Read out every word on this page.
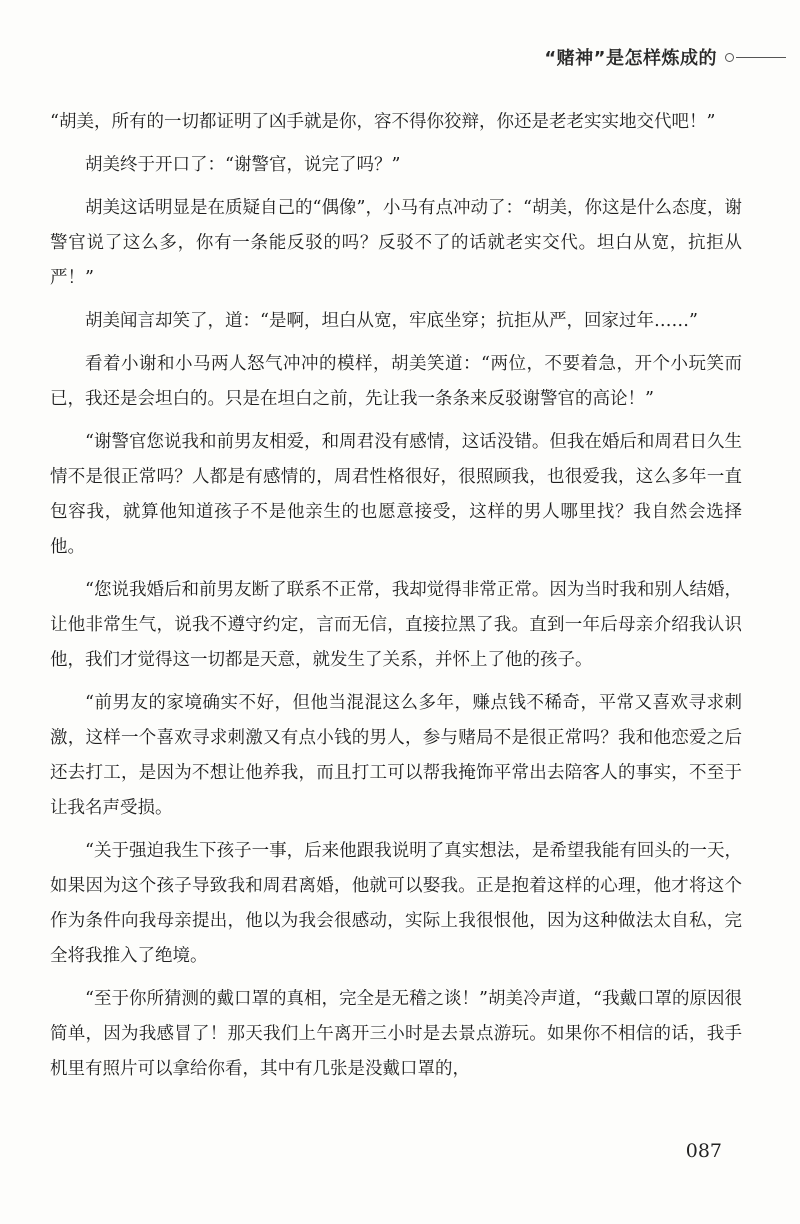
“赌神”是怎样炼成的

“胡美，所有的一切都证明了凶手就是你，容不得你狡辩，你还是老老实实地交代吧！”

胡美终于开口了：“谢警官，说完了吗？”

胡美这话明显是在质疑自己的“偶像”，小马有点冲动了：“胡美，你这是什么态度，谢警官说了这么多，你有一条能反驳的吗？反驳不了的话就老实交代。坦白从宽，抗拒从严！”

胡美闻言却笑了，道：“是啊，坦白从宽，牢底坐穿；抗拒从严，回家过年……”

看着小谢和小马两人怒气冲冲的模样，胡美笑道：“两位，不要着急，开个小玩笑而已，我还是会坦白的。只是在坦白之前，先让我一条条来反驳谢警官的高论！”

“谢警官您说我和前男友相爱，和周君没有感情，这话没错。但我在婚后和周君日久生情不是很正常吗？人都是有感情的，周君性格很好，很照顾我，也很爱我，这么多年一直包容我，就算他知道孩子不是他亲生的也愿意接受，这样的男人哪里找？我自然会选择他。

“您说我婚后和前男友断了联系不正常，我却觉得非常正常。因为当时我和别人结婚，让他非常生气，说我不遵守约定，言而无信，直接拉黑了我。直到一年后母亲介绍我认识他，我们才觉得这一切都是天意，就发生了关系，并怀上了他的孩子。

“前男友的家境确实不好，但他当混混这么多年，赚点钱不稀奇，平常又喜欢寻求刺激，这样一个喜欢寻求刺激又有点小钱的男人，参与赌局不是很正常吗？我和他恋爱之后还去打工，是因为不想让他养我，而且打工可以帮我掩饰平常出去陪客人的事实，不至于让我名声受损。

“关于强迫我生下孩子一事，后来他跟我说明了真实想法，是希望我能有回头的一天，如果因为这个孩子导致我和周君离婚，他就可以娶我。正是抱着这样的心理，他才将这个作为条件向我母亲提出，他以为我会很感动，实际上我很恨他，因为这种做法太自私，完全将我推入了绝境。

“至于你所猜测的戴口罩的真相，完全是无稽之谈！”胡美冷声道，“我戴口罩的原因很简单，因为我感冒了！那天我们上午离开三小时是去景点游玩。如果你不相信的话，我手机里有照片可以拿给你看，其中有几张是没戴口罩的，

087
